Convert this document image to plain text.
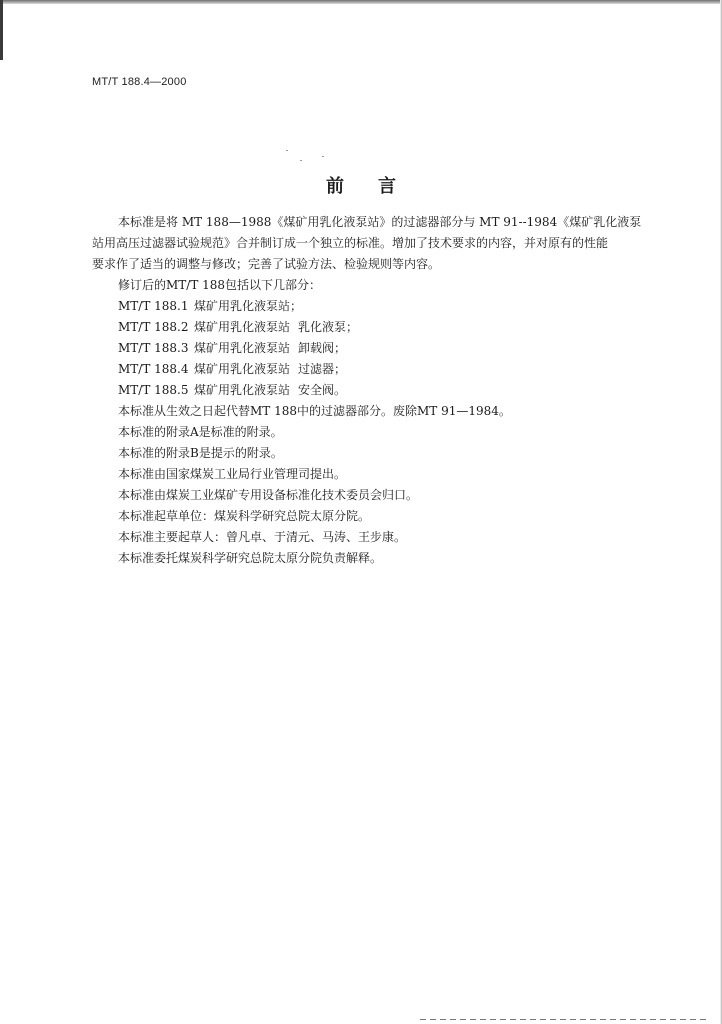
MT/T 188.4—2000
前言
本标准是将 MT 188—1988《煤矿用乳化液泵站》的过滤器部分与 MT 91--1984《煤矿乳化液泵
站用高压过滤器试验规范》合并制订成一个独立的标准。增加了技术要求的内容，并对原有的性能
要求作了适当的调整与修改；完善了试验方法、检验规则等内容。
修订后的MT/T 188包括以下几部分：
MT/T 188.1 煤矿用乳化液泵站；
MT/T 188.2 煤矿用乳化液泵站 乳化液泵；
MT/T 188.3 煤矿用乳化液泵站 卸载阀；
MT/T 188.4 煤矿用乳化液泵站 过滤器；
MT/T 188.5 煤矿用乳化液泵站 安全阀。
本标准从生效之日起代替MT 188中的过滤器部分。废除MT 91—1984。
本标准的附录A是标准的附录。
本标准的附录B是提示的附录。
本标准由国家煤炭工业局行业管理司提出。
本标准由煤炭工业煤矿专用设备标准化技术委员会归口。
本标准起草单位：煤炭科学研究总院太原分院。
本标准主要起草人：曾凡卓、于清元、马涛、王步康。
本标准委托煤炭科学研究总院太原分院负责解释。
